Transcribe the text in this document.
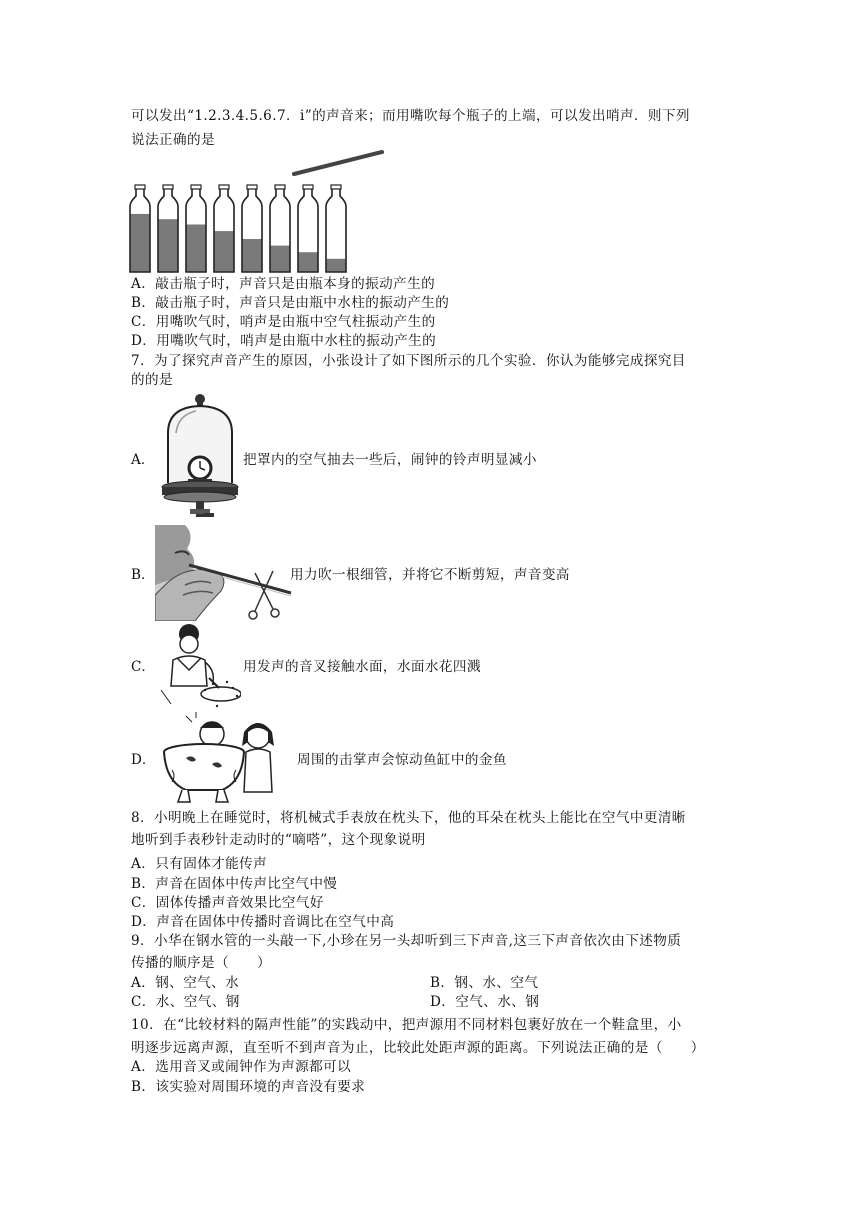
可以发出“1.2.3.4.5.6.7．i”的声音来；而用嘴吹每个瓶子的上端，可以发出哨声．则下列
说法正确的是
A．敲击瓶子时，声音只是由瓶本身的振动产生的
B．敲击瓶子时，声音只是由瓶中水柱的振动产生的
C．用嘴吹气时，哨声是由瓶中空气柱振动产生的
D．用嘴吹气时，哨声是由瓶中水柱的振动产生的
7．为了探究声音产生的原因，小张设计了如下图所示的几个实验．你认为能够完成探究目
的的是
A．	把罩内的空气抽去一些后，闹钟的铃声明显减小
B．	用力吹一根细管，并将它不断剪短，声音变高
C．	用发声的音叉接触水面，水面水花四溅
D．	周围的击掌声会惊动鱼缸中的金鱼
8．小明晚上在睡觉时，将机械式手表放在枕头下，他的耳朵在枕头上能比在空气中更清晰
地听到手表秒针走动时的“嘀嗒”，这个现象说明
A．只有固体才能传声
B．声音在固体中传声比空气中慢
C．固体传播声音效果比空气好
D．声音在固体中传播时音调比在空气中高
9．小华在钢水管的一头敲一下,小珍在另一头却听到三下声音,这三下声音依次由下述物质
传播的顺序是（　　）
A．钢、空气、水	B．钢、水、空气
C．水、空气、钢	D．空气、水、钢
10．在“比较材料的隔声性能”的实践动中，把声源用不同材料包裹好放在一个鞋盒里，小
明逐步远离声源，直至听不到声音为止，比较此处距声源的距离。下列说法正确的是（　　）
A．选用音叉或闹钟作为声源都可以
B．该实验对周围环境的声音没有要求
